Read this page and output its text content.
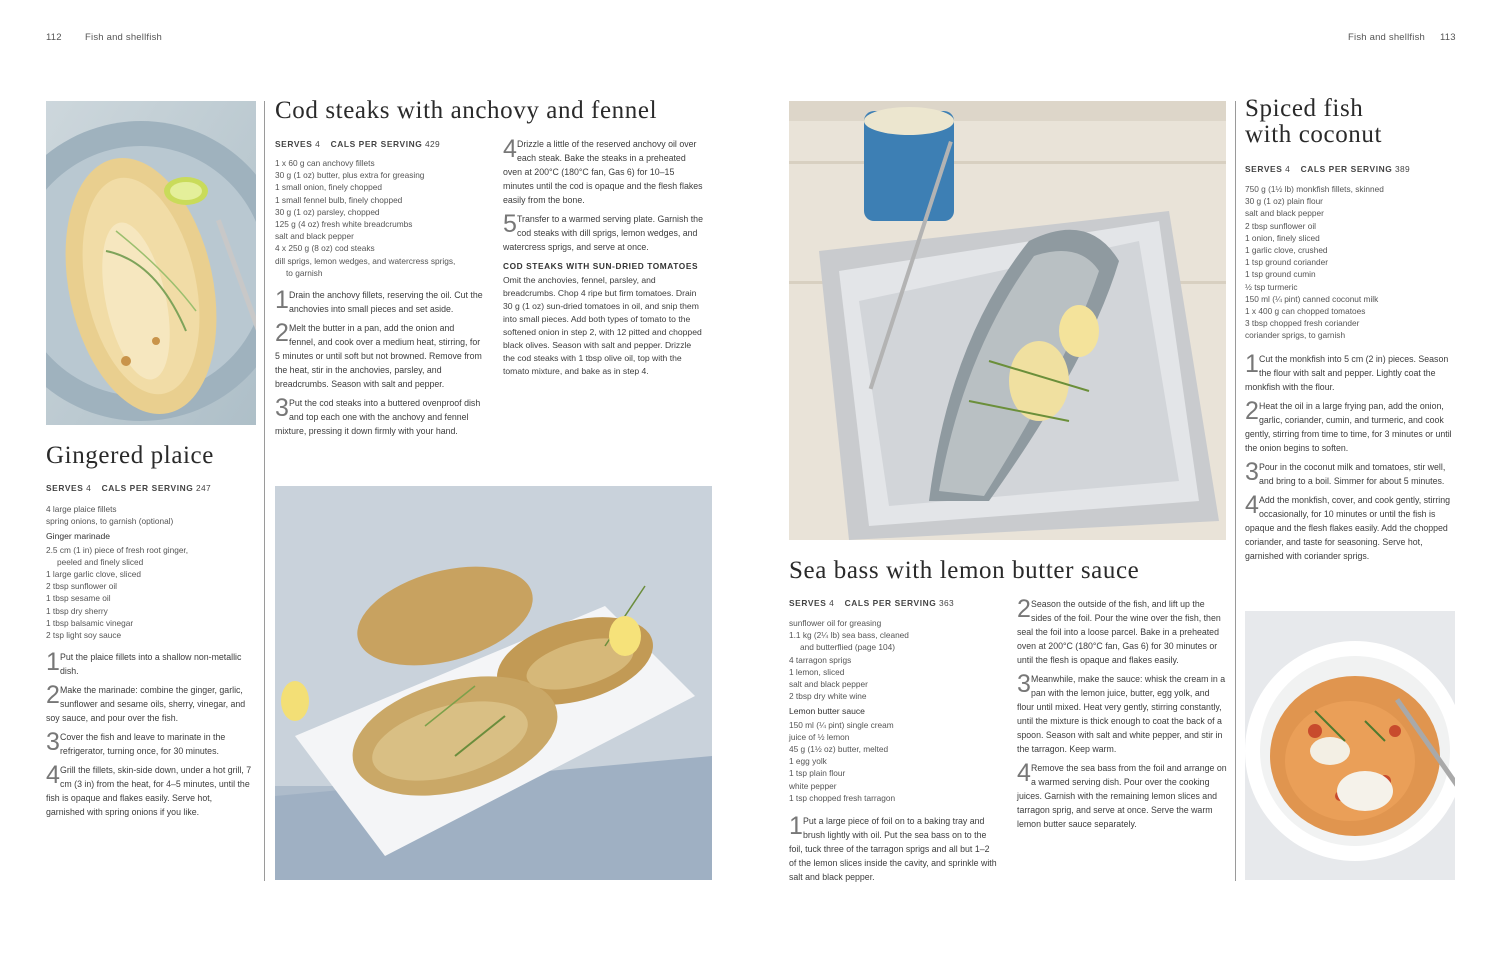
112 Fish and shellfish	Fish and shellfish 113
Gingered plaice
SERVES 4 CALS PER SERVING 247
4 large plaice fillets
spring onions, to garnish (optional)
Ginger marinade
2.5 cm (1 in) piece of fresh root ginger,
peeled and finely sliced
1 large garlic clove, sliced
2 tbsp sunflower oil
1 tbsp sesame oil
1 tbsp dry sherry
1 tbsp balsamic vinegar
2 tsp light soy sauce
1 Put the plaice fillets into a shallow non-metallic dish.
2 Make the marinade: combine the ginger, garlic, sunflower and sesame oils, sherry, vinegar, and soy sauce, and pour over the fish.
3 Cover the fish and leave to marinate in the refrigerator, turning once, for 30 minutes.
4 Grill the fillets, skin-side down, under a hot grill, 7 cm (3 in) from the heat, for 4–5 minutes, until the fish is opaque and flakes easily. Serve hot, garnished with spring onions if you like.
Cod steaks with anchovy and fennel
SERVES 4 CALS PER SERVING 429
1 x 60 g can anchovy fillets
30 g (1 oz) butter, plus extra for greasing
1 small onion, finely chopped
1 small fennel bulb, finely chopped
30 g (1 oz) parsley, chopped
125 g (4 oz) fresh white breadcrumbs
salt and black pepper
4 x 250 g (8 oz) cod steaks
dill sprigs, lemon wedges, and watercress sprigs,
to garnish
1 Drain the anchovy fillets, reserving the oil. Cut the anchovies into small pieces and set aside.
2 Melt the butter in a pan, add the onion and fennel, and cook over a medium heat, stirring, for 5 minutes or until soft but not browned. Remove from the heat, stir in the anchovies, parsley, and breadcrumbs. Season with salt and pepper.
3 Put the cod steaks into a buttered ovenproof dish and top each one with the anchovy and fennel mixture, pressing it down firmly with your hand.
4 Drizzle a little of the reserved anchovy oil over each steak. Bake the steaks in a preheated oven at 200°C (180°C fan, Gas 6) for 10–15 minutes until the cod is opaque and the flesh flakes easily from the bone.
5 Transfer to a warmed serving plate. Garnish the cod steaks with dill sprigs, lemon wedges, and watercress sprigs, and serve at once.
COD STEAKS WITH SUN-DRIED TOMATOES
Omit the anchovies, fennel, parsley, and breadcrumbs. Chop 4 ripe but firm tomatoes. Drain 30 g (1 oz) sun-dried tomatoes in oil, and snip them into small pieces. Add both types of tomato to the softened onion in step 2, with 12 pitted and chopped black olives. Season with salt and pepper. Drizzle the cod steaks with 1 tbsp olive oil, top with the tomato mixture, and bake as in step 4.
Sea bass with lemon butter sauce
SERVES 4 CALS PER SERVING 363
sunflower oil for greasing
1.1 kg (2¼ lb) sea bass, cleaned
and butterflied (page 104)
4 tarragon sprigs
1 lemon, sliced
salt and black pepper
2 tbsp dry white wine
Lemon butter sauce
150 ml (¼ pint) single cream
juice of ½ lemon
45 g (1½ oz) butter, melted
1 egg yolk
1 tsp plain flour
white pepper
1 tsp chopped fresh tarragon
1 Put a large piece of foil on to a baking tray and brush lightly with oil. Put the sea bass on to the foil, tuck three of the tarragon sprigs and all but 1–2 of the lemon slices inside the cavity, and sprinkle with salt and black pepper.
2 Season the outside of the fish, and lift up the sides of the foil. Pour the wine over the fish, then seal the foil into a loose parcel. Bake in a preheated oven at 200°C (180°C fan, Gas 6) for 30 minutes or until the flesh is opaque and flakes easily.
3 Meanwhile, make the sauce: whisk the cream in a pan with the lemon juice, butter, egg yolk, and flour until mixed. Heat very gently, stirring constantly, until the mixture is thick enough to coat the back of a spoon. Season with salt and white pepper, and stir in the tarragon. Keep warm.
4 Remove the sea bass from the foil and arrange on a warmed serving dish. Pour over the cooking juices. Garnish with the remaining lemon slices and tarragon sprig, and serve at once. Serve the warm lemon butter sauce separately.
Spiced fish
with coconut
SERVES 4 CALS PER SERVING 389
750 g (1½ lb) monkfish fillets, skinned
30 g (1 oz) plain flour
salt and black pepper
2 tbsp sunflower oil
1 onion, finely sliced
1 garlic clove, crushed
1 tsp ground coriander
1 tsp ground cumin
½ tsp turmeric
150 ml (¼ pint) canned coconut milk
1 x 400 g can chopped tomatoes
3 tbsp chopped fresh coriander
coriander sprigs, to garnish
1 Cut the monkfish into 5 cm (2 in) pieces. Season the flour with salt and pepper. Lightly coat the monkfish with the flour.
2 Heat the oil in a large frying pan, add the onion, garlic, coriander, cumin, and turmeric, and cook gently, stirring from time to time, for 3 minutes or until the onion begins to soften.
3 Pour in the coconut milk and tomatoes, stir well, and bring to a boil. Simmer for about 5 minutes.
4 Add the monkfish, cover, and cook gently, stirring occasionally, for 10 minutes or until the fish is opaque and the flesh flakes easily. Add the chopped coriander, and taste for seasoning. Serve hot, garnished with coriander sprigs.
